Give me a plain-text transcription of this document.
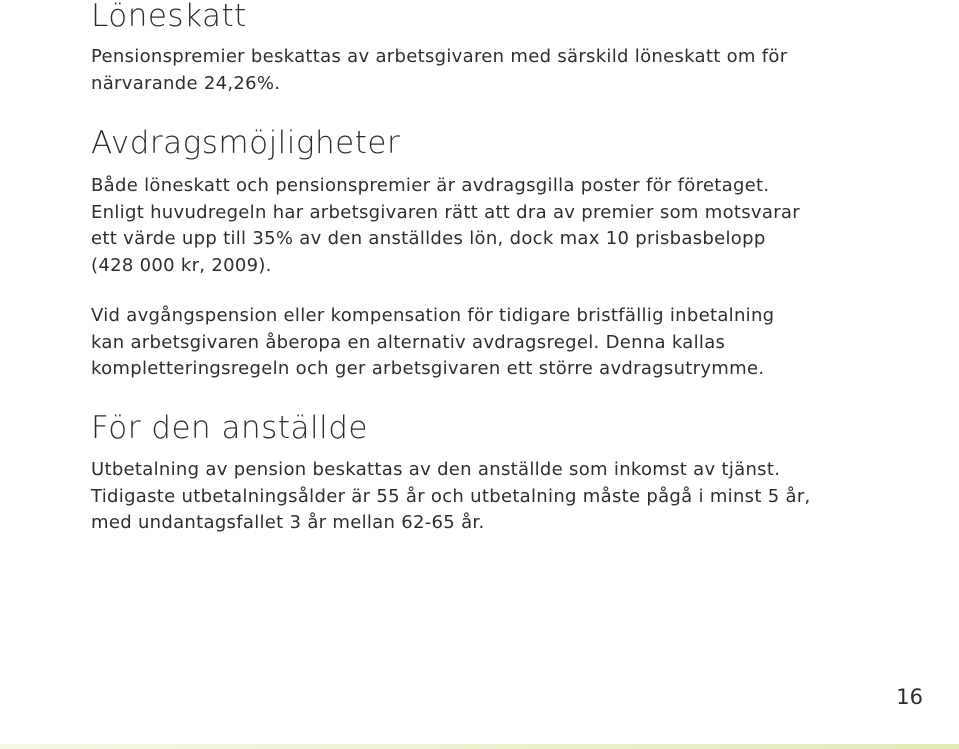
Löneskatt

Pensionspremier beskattas av arbetsgivaren med särskild löneskatt om för
närvarande 24,26%.

Avdragsmöjligheter

Både löneskatt och pensionspremier är avdragsgilla poster för företaget.
Enligt huvudregeln har arbetsgivaren rätt att dra av premier som motsvarar
ett värde upp till 35% av den anställdes lön, dock max 10 prisbasbelopp
(428 000 kr, 2009).

Vid avgångspension eller kompensation för tidigare bristfällig inbetalning
kan arbetsgivaren åberopa en alternativ avdragsregel. Denna kallas
kompletteringsregeln och ger arbetsgivaren ett större avdragsutrymme.

För den anställde

Utbetalning av pension beskattas av den anställde som inkomst av tjänst.
Tidigaste utbetalningsålder är 55 år och utbetalning måste pågå i minst 5 år,
med undantagsfallet 3 år mellan 62-65 år.

16
